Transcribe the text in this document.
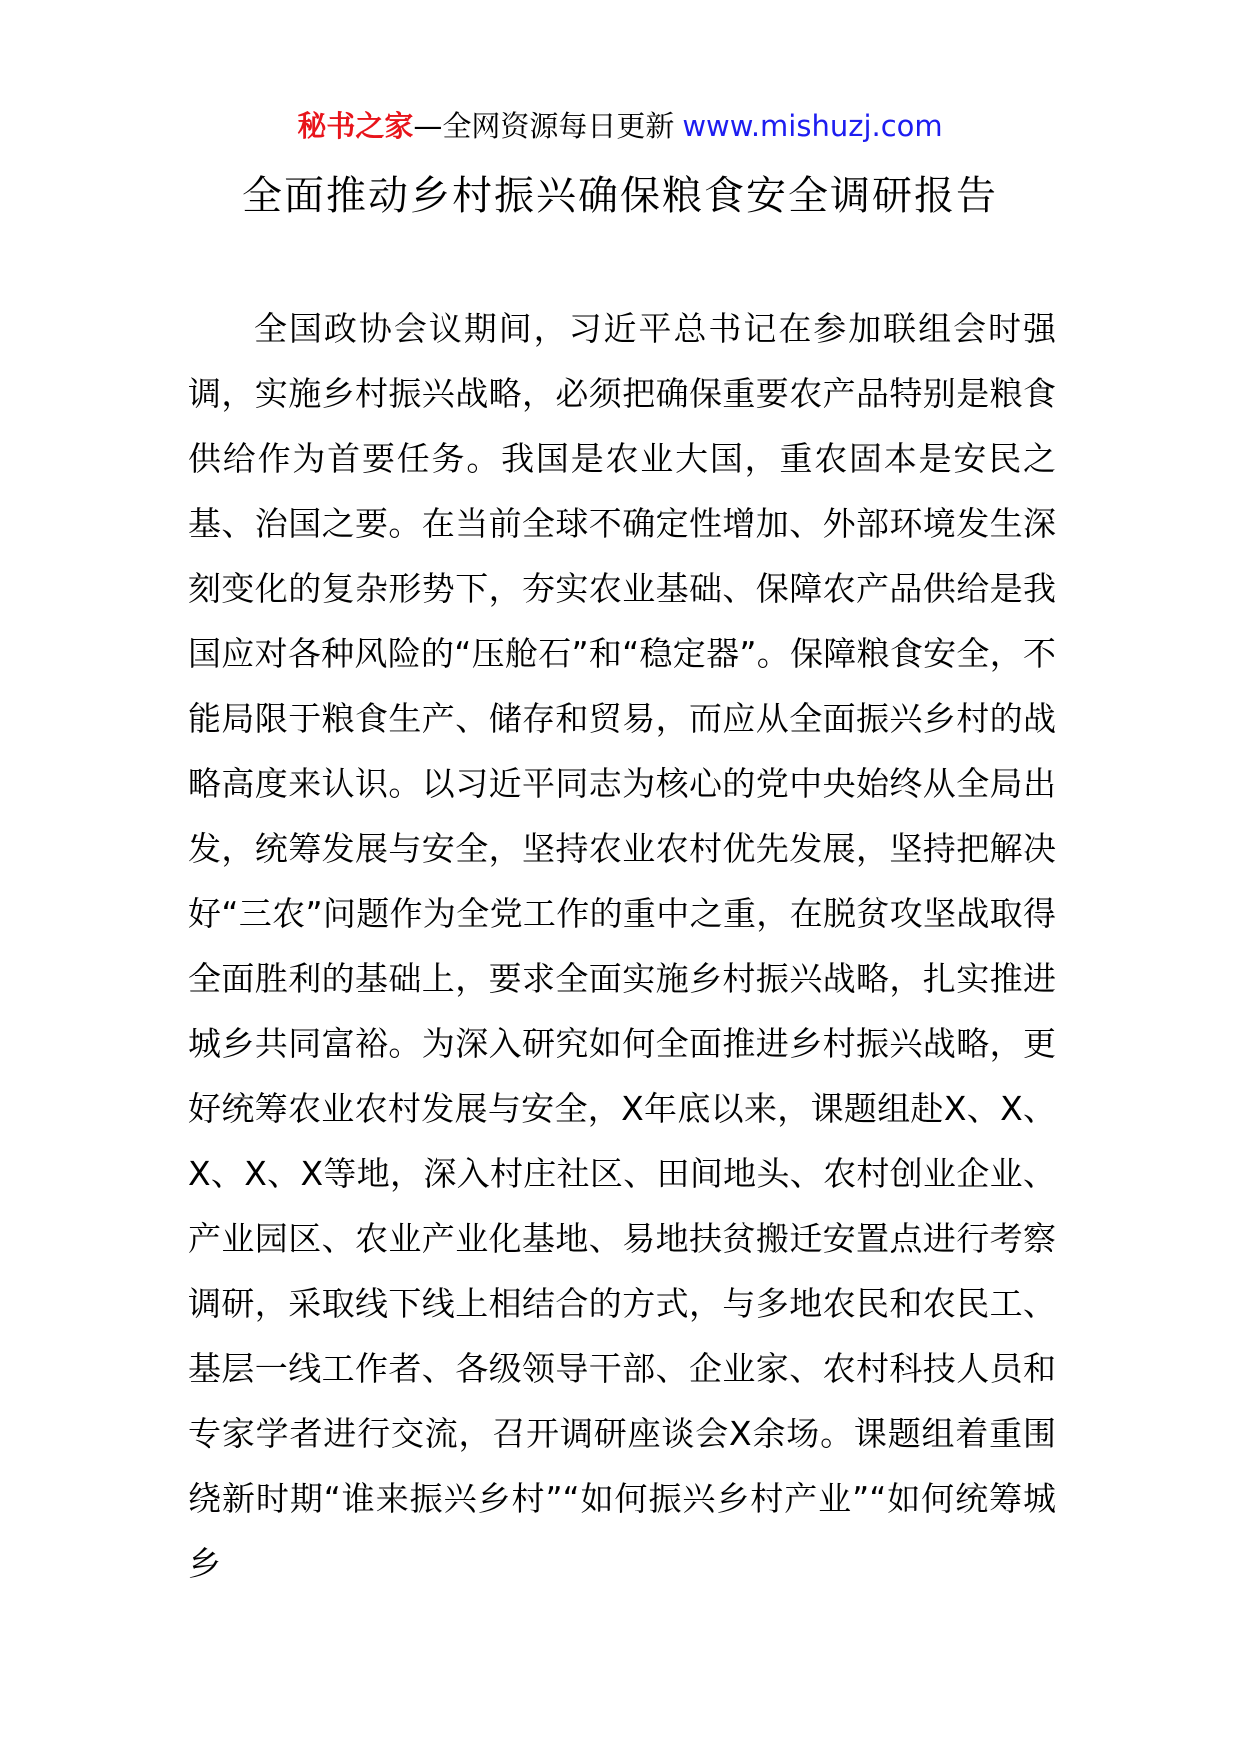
秘书之家—全网资源每日更新 www.mishuzj.com
全面推动乡村振兴确保粮食安全调研报告

全国政协会议期间，习近平总书记在参加联组会时强调，实施乡村振兴战略，必须把确保重要农产品特别是粮食供给作为首要任务。我国是农业大国，重农固本是安民之基、治国之要。在当前全球不确定性增加、外部环境发生深刻变化的复杂形势下，夯实农业基础、保障农产品供给是我国应对各种风险的“压舱石”和“稳定器”。保障粮食安全，不能局限于粮食生产、储存和贸易，而应从全面振兴乡村的战略高度来认识。以习近平同志为核心的党中央始终从全局出发，统筹发展与安全，坚持农业农村优先发展，坚持把解决好“三农”问题作为全党工作的重中之重，在脱贫攻坚战取得全面胜利的基础上，要求全面实施乡村振兴战略，扎实推进城乡共同富裕。为深入研究如何全面推进乡村振兴战略，更好统筹农业农村发展与安全，X年底以来，课题组赴X、X、X、X、X等地，深入村庄社区、田间地头、农村创业企业、产业园区、农业产业化基地、易地扶贫搬迁安置点进行考察调研，采取线下线上相结合的方式，与多地农民和农民工、基层一线工作者、各级领导干部、企业家、农村科技人员和专家学者进行交流，召开调研座谈会X余场。课题组着重围绕新时期“谁来振兴乡村”“如何振兴乡村产业”“如何统筹城乡
